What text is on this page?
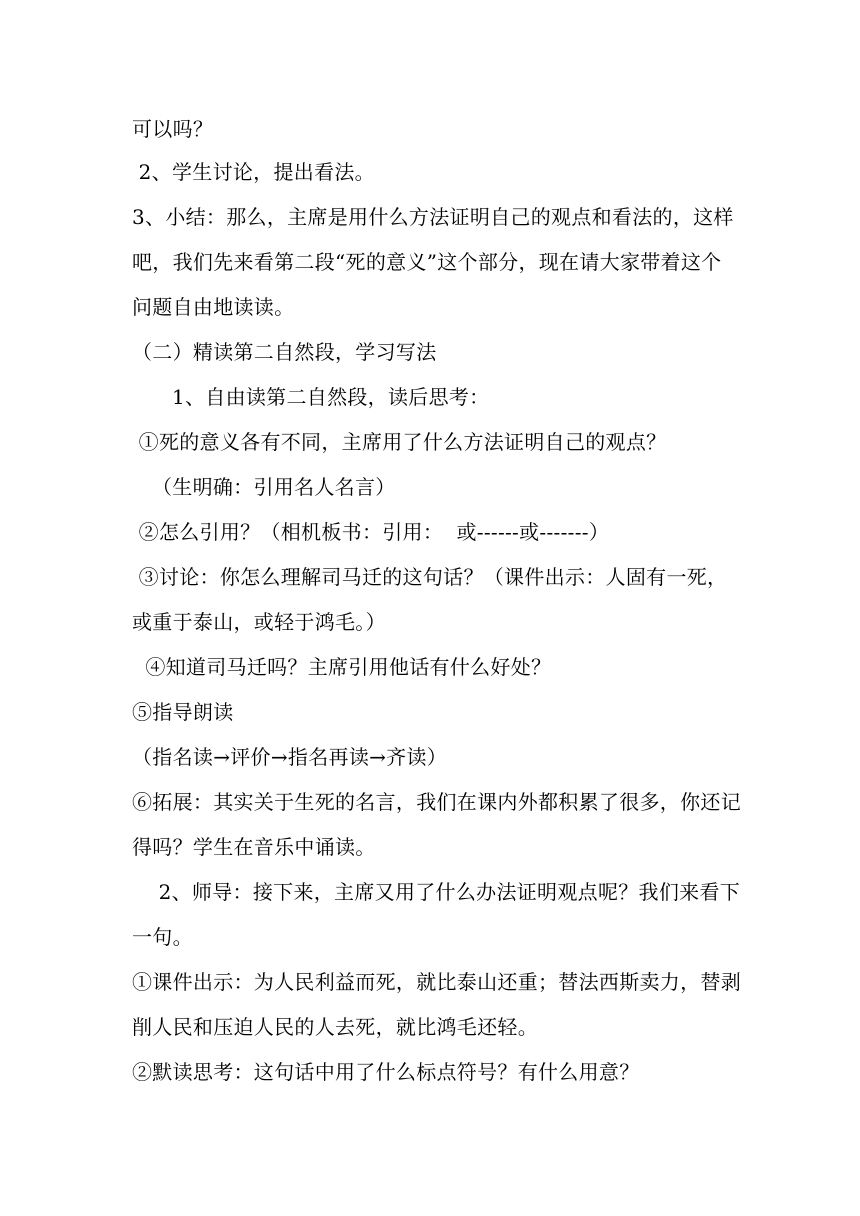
可以吗？
2、学生讨论，提出看法。
3、小结：那么，主席是用什么方法证明自己的观点和看法的，这样
吧，我们先来看第二段“死的意义”这个部分，现在请大家带着这个
问题自由地读读。
（二）精读第二自然段，学习写法
1、自由读第二自然段，读后思考：
①死的意义各有不同，主席用了什么方法证明自己的观点？
（生明确：引用名人名言）
②怎么引用？（相机板书：引用：  或------或-------）
③讨论：你怎么理解司马迁的这句话？（课件出示：人固有一死，
或重于泰山，或轻于鸿毛。）
④知道司马迁吗？主席引用他话有什么好处？
⑤指导朗读
（指名读→评价→指名再读→齐读）
⑥拓展：其实关于生死的名言，我们在课内外都积累了很多，你还记
得吗？学生在音乐中诵读。
2、师导：接下来，主席又用了什么办法证明观点呢？我们来看下
一句。
①课件出示：为人民利益而死，就比泰山还重；替法西斯卖力，替剥
削人民和压迫人民的人去死，就比鸿毛还轻。
②默读思考：这句话中用了什么标点符号？有什么用意？
